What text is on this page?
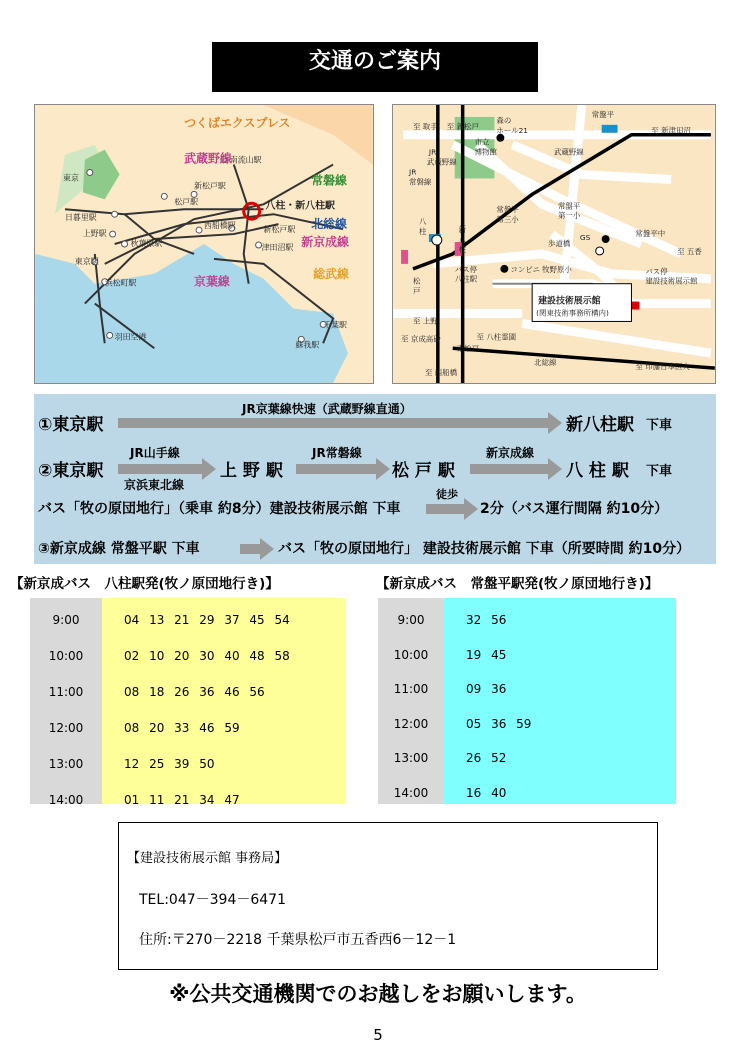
交通のご案内
つくばエクスプレス
武蔵野線
常磐線
北総線
新京成線
京葉線
総武線
南流山駅
東京
新松戸駅
八柱・新八柱駅
松戸駅
日暮里駅
西船橋駅
上野駅
秋葉原駅
新松戸駅
東京駅
津田沼駅
浜松町駅
千葉駅
羽田空港
蘇我駅
至 取手 至 新松戸
森の
ホール21
市立
博物館
常盤平
至 新津田沼
JR
武蔵野線
JR
常磐線
武蔵野線
常盤平
第三小
常盤平
第一小
八
柱	新
八
柱
歩道橋
GS	常盤平中
至 五香
コンビニ
バス停
八柱駅
牧野原小	バス停
建設技術展示館
松
戸
建設技術展示館
(関東技術事務所構内)
至 上野
至 八柱霊園
至 京成高砂
東松戸
北総線
至 西船橋
至 印旛日本医大
①東京駅
JR京葉線快速（武蔵野線直通）
新八柱駅 下車
②東京駅
JR山手線
京浜東北線
上 野 駅
JR常磐線
松 戸 駅
新京成線
八 柱 駅 下車
バス「牧の原団地行」（乗車 約8分）建設技術展示館 下車
徒歩
2分（バス運行間隔 約10分）
③新京成線 常盤平駅 下車	バス「牧の原団地行」 建設技術展示館 下車（所要時間 約10分）
【新京成バス　八柱駅発(牧ノ原団地行き)】	【新京成バス　常盤平駅発(牧ノ原団地行き)】
9:00	04 13 21 29 37 45 54
10:00	02 10 20 30 40 48 58
11:00	08 18 26 36 46 56
12:00	08 20 33 46 59
13:00	12 25 39 50
14:00	01 11 21 34 47
9:00	32 56
10:00	19 45
11:00	09 36
12:00	05 36 59
13:00	26 52
14:00	16 40
【建設技術展示館 事務局】
TEL:047－394－6471
住所:〒270－2218 千葉県松戸市五香西6－12－1
※公共交通機関でのお越しをお願いします。
5
